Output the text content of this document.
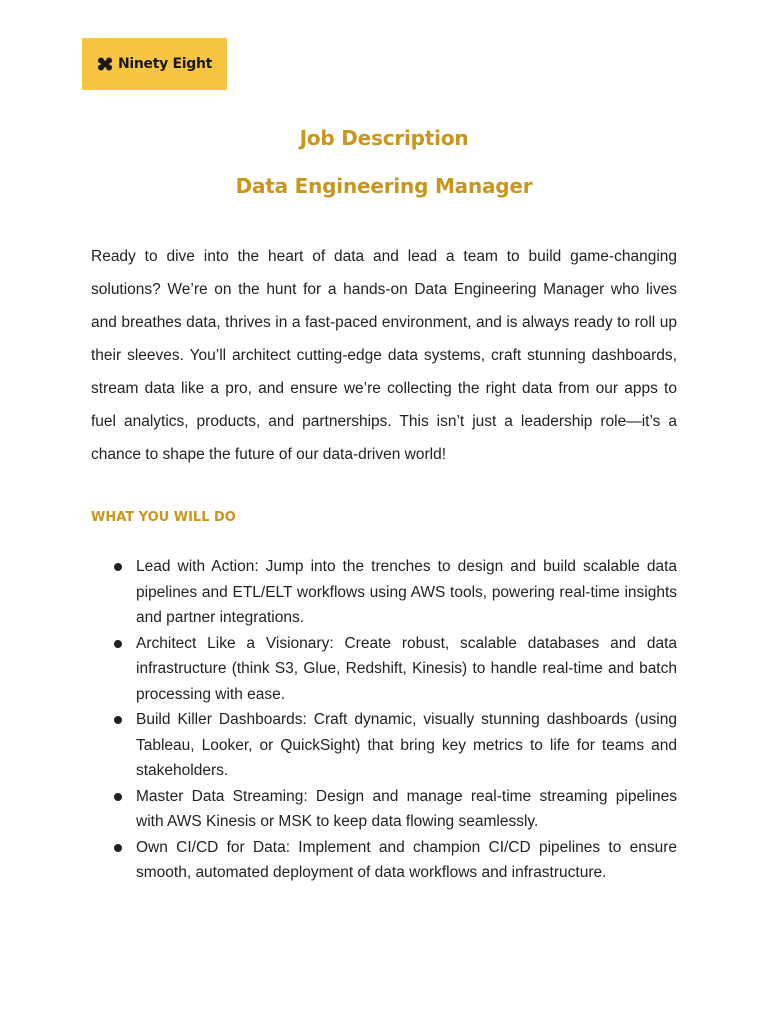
Ninety Eight
Job Description
Data Engineering Manager

Ready to dive into the heart of data and lead a team to build game-changing solutions? We’re on the hunt for a hands-on Data Engineering Manager who lives and breathes data, thrives in a fast-paced environment, and is always ready to roll up their sleeves. You’ll architect cutting-edge data systems, craft stunning dashboards, stream data like a pro, and ensure we’re collecting the right data from our apps to fuel analytics, products, and partnerships. This isn’t just a leadership role—it’s a chance to shape the future of our data-driven world!

WHAT YOU WILL DO
Lead with Action: Jump into the trenches to design and build scalable data pipelines and ETL/ELT workflows using AWS tools, powering real-time insights and partner integrations.
Architect Like a Visionary: Create robust, scalable databases and data infrastructure (think S3, Glue, Redshift, Kinesis) to handle real-time and batch processing with ease.
Build Killer Dashboards: Craft dynamic, visually stunning dashboards (using Tableau, Looker, or QuickSight) that bring key metrics to life for teams and stakeholders.
Master Data Streaming: Design and manage real-time streaming pipelines with AWS Kinesis or MSK to keep data flowing seamlessly.
Own CI/CD for Data: Implement and champion CI/CD pipelines to ensure smooth, automated deployment of data workflows and infrastructure.
